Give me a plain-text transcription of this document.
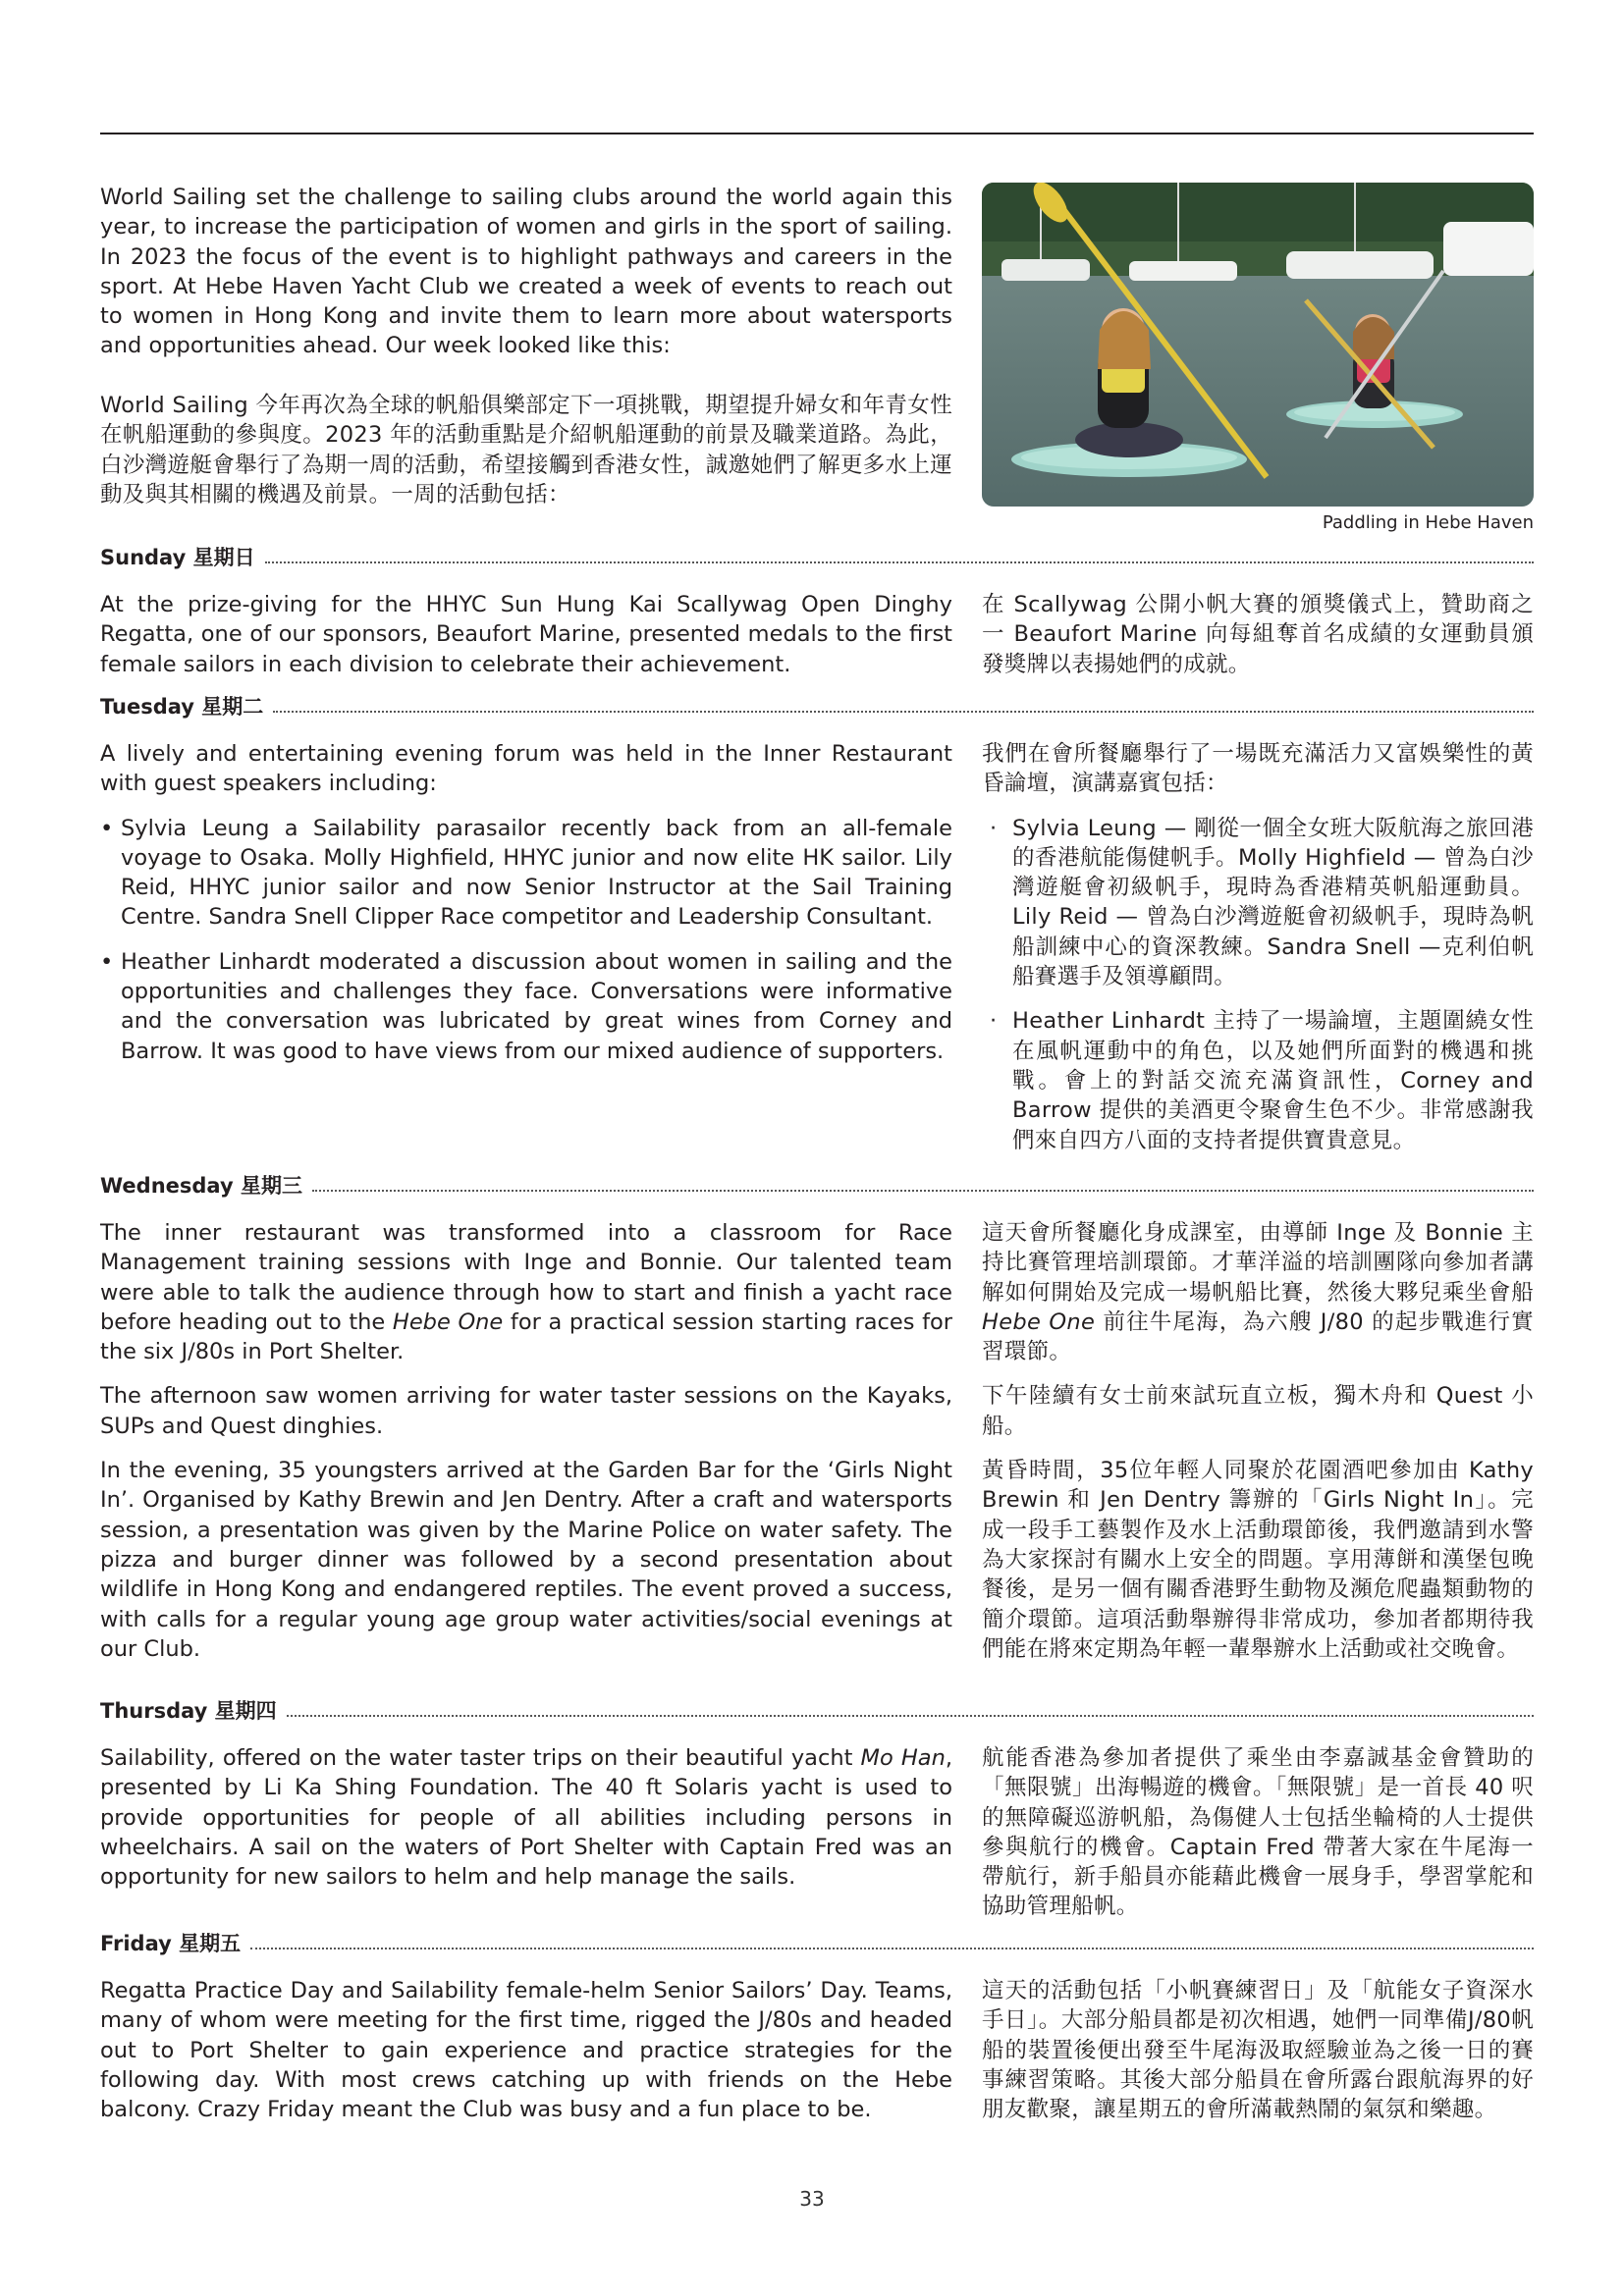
World Sailing set the challenge to sailing clubs around the world again this year, to increase the participation of women and girls in the sport of sailing. In 2023 the focus of the event is to highlight pathways and careers in the sport. At Hebe Haven Yacht Club we created a week of events to reach out to women in Hong Kong and invite them to learn more about watersports and opportunities ahead. Our week looked like this:

World Sailing 今年再次為全球的帆船俱樂部定下一項挑戰，期望提升婦女和年青女性在帆船運動的參與度。2023 年的活動重點是介紹帆船運動的前景及職業道路。為此，白沙灣遊艇會舉行了為期一周的活動，希望接觸到香港女性，誠邀她們了解更多水上運動及與其相關的機遇及前景。一周的活動包括：

Paddling in Hebe Haven
Sunday 星期日

At the prize-giving for the HHYC Sun Hung Kai Scallywag Open Dinghy Regatta, one of our sponsors, Beaufort Marine, presented medals to the first female sailors in each division to celebrate their achievement.

在 Scallywag 公開小帆大賽的頒獎儀式上，贊助商之一 Beaufort Marine 向每組奪首名成績的女運動員頒發獎牌以表揚她們的成就。

Tuesday 星期二

A lively and entertaining evening forum was held in the Inner Restaurant with guest speakers including:

• Sylvia Leung a Sailability parasailor recently back from an all-female voyage to Osaka. Molly Highfield, HHYC junior and now elite HK sailor. Lily Reid, HHYC junior sailor and now Senior Instructor at the Sail Training Centre. Sandra Snell Clipper Race competitor and Leadership Consultant.
• Heather Linhardt moderated a discussion about women in sailing and the opportunities and challenges they face. Conversations were informative and the conversation was lubricated by great wines from Corney and Barrow. It was good to have views from our mixed audience of supporters.

我們在會所餐廳舉行了一場既充滿活力又富娛樂性的黃昏論壇，演講嘉賓包括：

· Sylvia Leung — 剛從一個全女班大阪航海之旅回港的香港航能傷健帆手。Molly Highfield — 曾為白沙灣遊艇會初級帆手，現時為香港精英帆船運動員。Lily Reid — 曾為白沙灣遊艇會初級帆手，現時為帆船訓練中心的資深教練。Sandra Snell —克利伯帆船賽選手及領導顧問。
· Heather Linhardt 主持了一場論壇，主題圍繞女性在風帆運動中的角色，以及她們所面對的機遇和挑戰。會上的對話交流充滿資訊性，Corney and Barrow 提供的美酒更令聚會生色不少。非常感謝我們來自四方八面的支持者提供寶貴意見。
Wednesday 星期三

The inner restaurant was transformed into a classroom for Race Management training sessions with Inge and Bonnie. Our talented team were able to talk the audience through how to start and finish a yacht race before heading out to the Hebe One for a practical session starting races for the six J/80s in Port Shelter.

The afternoon saw women arriving for water taster sessions on the Kayaks, SUPs and Quest dinghies.

In the evening, 35 youngsters arrived at the Garden Bar for the ‘Girls Night In’. Organised by Kathy Brewin and Jen Dentry. After a craft and watersports session, a presentation was given by the Marine Police on water safety. The pizza and burger dinner was followed by a second presentation about wildlife in Hong Kong and endangered reptiles. The event proved a success, with calls for a regular young age group water activities/social evenings at our Club.

這天會所餐廳化身成課室，由導師 Inge 及 Bonnie 主持比賽管理培訓環節。才華洋溢的培訓團隊向參加者講解如何開始及完成一場帆船比賽，然後大夥兒乘坐會船 Hebe One 前往牛尾海，為六艘 J/80 的起步戰進行實習環節。

下午陸續有女士前來試玩直立板，獨木舟和 Quest 小船。

黃昏時間，35位年輕人同聚於花園酒吧參加由 Kathy Brewin 和 Jen Dentry 籌辦的「Girls Night In」。完成一段手工藝製作及水上活動環節後，我們邀請到水警為大家探討有關水上安全的問題。享用薄餅和漢堡包晚餐後，是另一個有關香港野生動物及瀕危爬蟲類動物的簡介環節。這項活動舉辦得非常成功，參加者都期待我們能在將來定期為年輕一輩舉辦水上活動或社交晚會。

Thursday 星期四

Sailability, offered on the water taster trips on their beautiful yacht Mo Han, presented by Li Ka Shing Foundation. The 40 ft Solaris yacht is used to provide opportunities for people of all abilities including persons in wheelchairs. A sail on the waters of Port Shelter with Captain Fred was an opportunity for new sailors to helm and help manage the sails.

航能香港為參加者提供了乘坐由李嘉誠基金會贊助的「無限號」出海暢遊的機會。「無限號」是一首長 40 呎的無障礙巡游帆船，為傷健人士包括坐輪椅的人士提供參與航行的機會。Captain Fred 帶著大家在牛尾海一帶航行，新手船員亦能藉此機會一展身手，學習掌舵和協助管理船帆。

Friday 星期五

Regatta Practice Day and Sailability female-helm Senior Sailors’ Day. Teams, many of whom were meeting for the first time, rigged the J/80s and headed out to Port Shelter to gain experience and practice strategies for the following day. With most crews catching up with friends on the Hebe balcony. Crazy Friday meant the Club was busy and a fun place to be.

這天的活動包括「小帆賽練習日」及「航能女子資深水手日」。大部分船員都是初次相遇，她們一同準備J/80帆船的裝置後便出發至牛尾海汲取經驗並為之後一日的賽事練習策略。其後大部分船員在會所露台跟航海界的好朋友歡聚，讓星期五的會所滿載熱鬧的氣氛和樂趣。

33
